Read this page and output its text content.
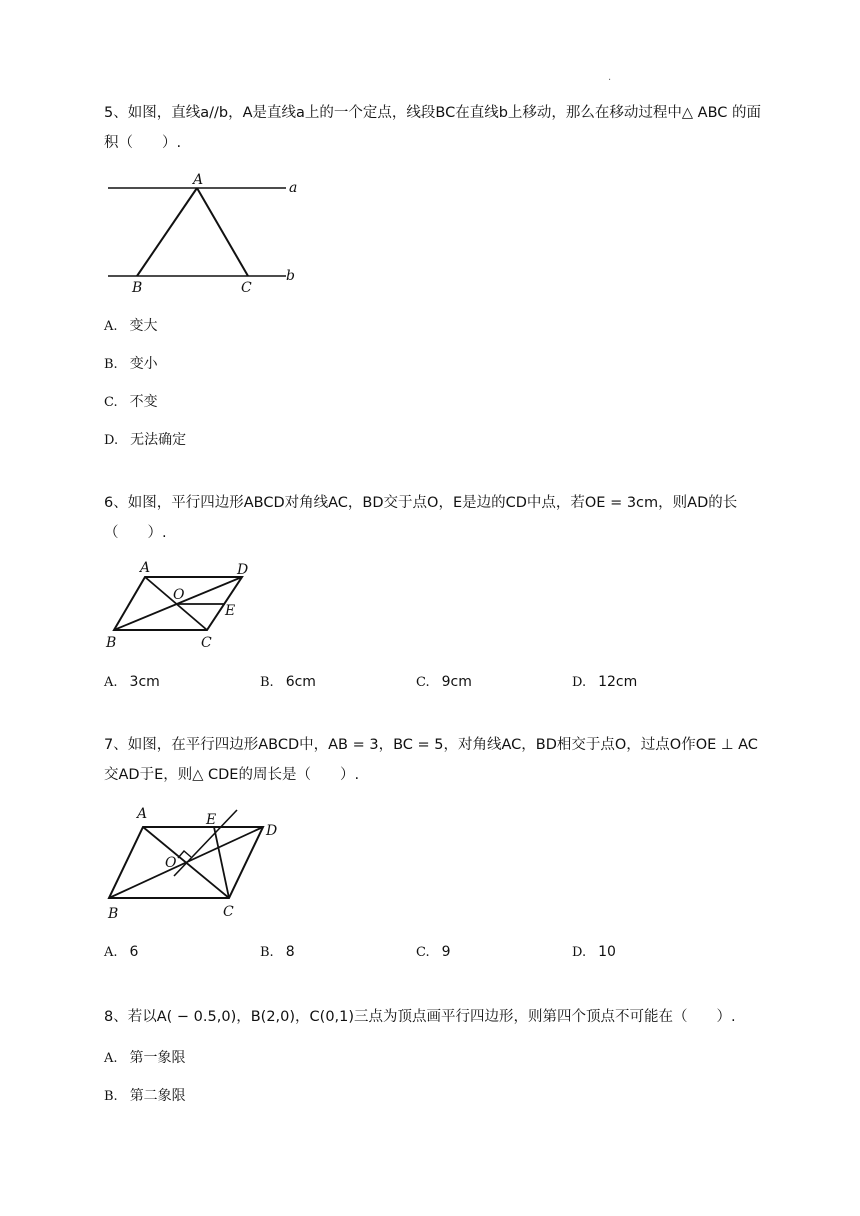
.
5、如图，直线a//b，A是直线a上的一个定点，线段BC在直线b上移动，那么在移动过程中△ ABC 的面积（　　）.
A	a
B	C
b
A. 变大
B. 变小
C. 不变
D. 无法确定
6、如图，平行四边形ABCD对角线AC，BD交于点O，E是边的CD中点，若OE = 3cm，则AD的长（　　）.
A	D
O
E
B	C
A. 3cm	B. 6cm	C. 9cm	D. 12cm
7、如图，在平行四边形ABCD中，AB = 3，BC = 5，对角线AC，BD相交于点O，过点O作OE ⊥ AC交AD于E，则△ CDE的周长是（　　）.
A	E
D
O
B	C
A. 6	B. 8	C. 9	D. 10
8、若以A( − 0.5,0)，B(2,0)，C(0,1)三点为顶点画平行四边形，则第四个顶点不可能在（　　）.
A. 第一象限
B. 第二象限
